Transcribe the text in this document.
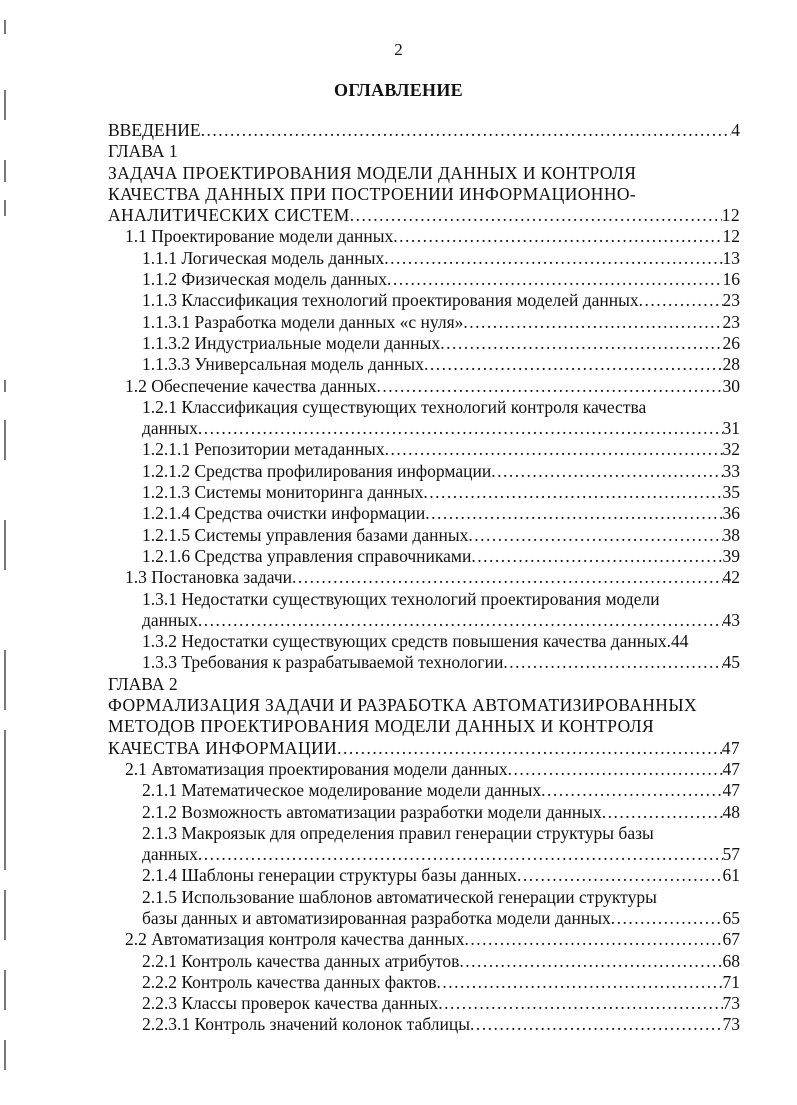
2
ОГЛАВЛЕНИЕ
ВВЕДЕНИЕ .....	4
ГЛАВА 1
ЗАДАЧА ПРОЕКТИРОВАНИЯ МОДЕЛИ ДАННЫХ И КОНТРОЛЯ
КАЧЕСТВА ДАННЫХ ПРИ ПОСТРОЕНИИ ИНФОРМАЦИОННО-
АНАЛИТИЧЕСКИХ СИСТЕМ .....	12
1.1 Проектирование модели данных .....	12
1.1.1 Логическая модель данных .....	13
1.1.2 Физическая модель данных .....	16
1.1.3 Классификация технологий проектирования моделей данных .....	23
1.1.3.1 Разработка модели данных «с нуля» .....	23
1.1.3.2 Индустриальные модели данных .....	26
1.1.3.3 Универсальная модель данных .....	28
1.2 Обеспечение качества данных .....	30
1.2.1 Классификация существующих технологий контроля качества
данных .....	31
1.2.1.1 Репозитории метаданных .....	32
1.2.1.2 Средства профилирования информации .....	33
1.2.1.3 Системы мониторинга данных .....	35
1.2.1.4 Средства очистки информации .....	36
1.2.1.5 Системы управления базами данных .....	38
1.2.1.6 Средства управления справочниками .....	39
1.3 Постановка задачи .....	42
1.3.1 Недостатки существующих технологий проектирования модели
данных .....	43
1.3.2 Недостатки существующих средств повышения качества данных. 44
1.3.3 Требования к разрабатываемой технологии .....	45
ГЛАВА 2
ФОРМАЛИЗАЦИЯ ЗАДАЧИ И РАЗРАБОТКА АВТОМАТИЗИРОВАННЫХ
МЕТОДОВ ПРОЕКТИРОВАНИЯ МОДЕЛИ ДАННЫХ И КОНТРОЛЯ
КАЧЕСТВА ИНФОРМАЦИИ .....	47
2.1 Автоматизация проектирования модели данных .....	47
2.1.1 Математическое моделирование модели данных .....	47
2.1.2 Возможность автоматизации разработки модели данных .....	48
2.1.3 Макроязык для определения правил генерации структуры базы
данных .....	57
2.1.4 Шаблоны генерации структуры базы данных .....	61
2.1.5 Использование шаблонов автоматической генерации структуры
базы данных и автоматизированная разработка модели данных .....	65
2.2 Автоматизация контроля качества данных .....	67
2.2.1 Контроль качества данных атрибутов .....	68
2.2.2 Контроль качества данных фактов .....	71
2.2.3 Классы проверок качества данных .....	73
2.2.3.1 Контроль значений колонок таблицы .....	73
